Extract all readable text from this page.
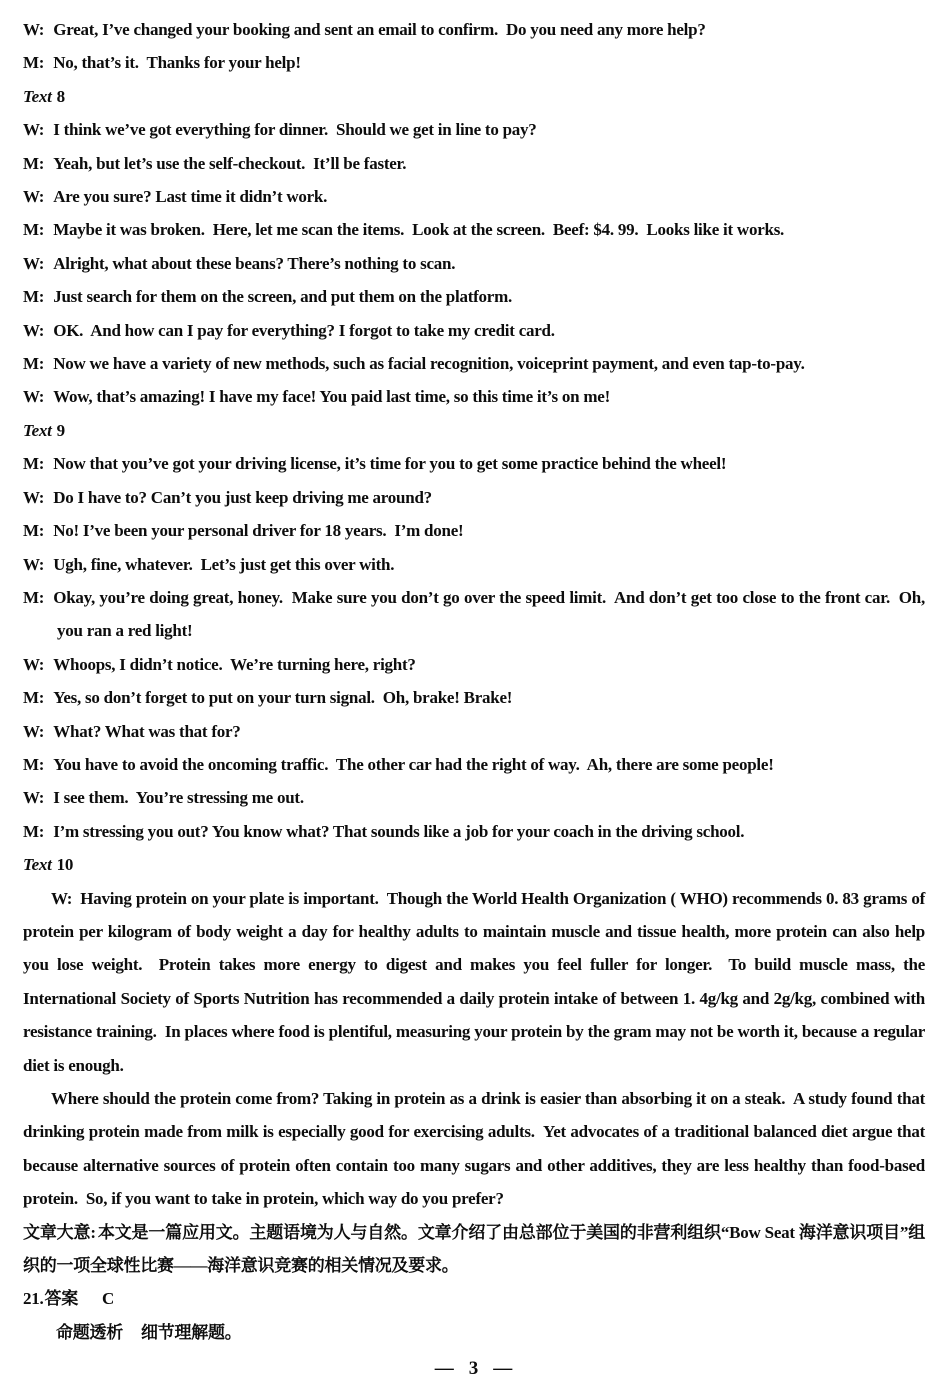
W: Great, I’ve changed your booking and sent an email to confirm.  Do you need any more help?
M: No, that’s it.  Thanks for your help!
Text 8
W: I think we’ve got everything for dinner.  Should we get in line to pay?
M: Yeah, but let’s use the self-checkout.  It’ll be faster.
W: Are you sure? Last time it didn’t work.
M: Maybe it was broken.  Here, let me scan the items.  Look at the screen.  Beef: $4. 99.  Looks like it works.
W: Alright, what about these beans? There’s nothing to scan.
M: Just search for them on the screen, and put them on the platform.
W: OK.  And how can I pay for everything? I forgot to take my credit card.
M: Now we have a variety of new methods, such as facial recognition, voiceprint payment, and even tap-to-pay.
W: Wow, that’s amazing! I have my face! You paid last time, so this time it’s on me!
Text 9
M: Now that you’ve got your driving license, it’s time for you to get some practice behind the wheel!
W: Do I have to? Can’t you just keep driving me around?
M: No! I’ve been your personal driver for 18 years.  I’m done!
W: Ugh, fine, whatever.  Let’s just get this over with.
M: Okay, you’re doing great, honey.  Make sure you don’t go over the speed limit.  And don’t get too close to the front car.  Oh, you ran a red light!
W: Whoops, I didn’t notice.  We’re turning here, right?
M: Yes, so don’t forget to put on your turn signal.  Oh, brake! Brake!
W: What? What was that for?
M: You have to avoid the oncoming traffic.  The other car had the right of way.  Ah, there are some people!
W: I see them.  You’re stressing me out.
M: I’m stressing you out? You know what? That sounds like a job for your coach in the driving school.
Text 10

W: Having protein on your plate is important.  Though the World Health Organization ( WHO) recommends 0. 83 grams of protein per kilogram of body weight a day for healthy adults to maintain muscle and tissue health, more protein can also help you lose weight.  Protein takes more energy to digest and makes you feel fuller for longer.  To build muscle mass, the International Society of Sports Nutrition has recommended a daily protein intake of between 1. 4g/kg and 2g/kg, combined with resistance training.  In places where food is plentiful, measuring your protein by the gram may not be worth it, because a regular diet is enough.

Where should the protein come from? Taking in protein as a drink is easier than absorbing it on a steak.  A study found that drinking protein made from milk is especially good for exercising adults.  Yet advocates of a traditional balanced diet argue that because alternative sources of protein often contain too many sugars and other additives, they are less healthy than food-based protein.  So, if you want to take in protein, which way do you prefer?

文章大意: 本文是一篇应用文。主题语境为人与自然。文章介绍了由总部位于美国的非营利组织“Bow Seat 海洋意识项目”组织的一项全球性比赛——海洋意识竞赛的相关情况及要求。
21.答案 C
命题透析 细节理解题。
— 3 —
